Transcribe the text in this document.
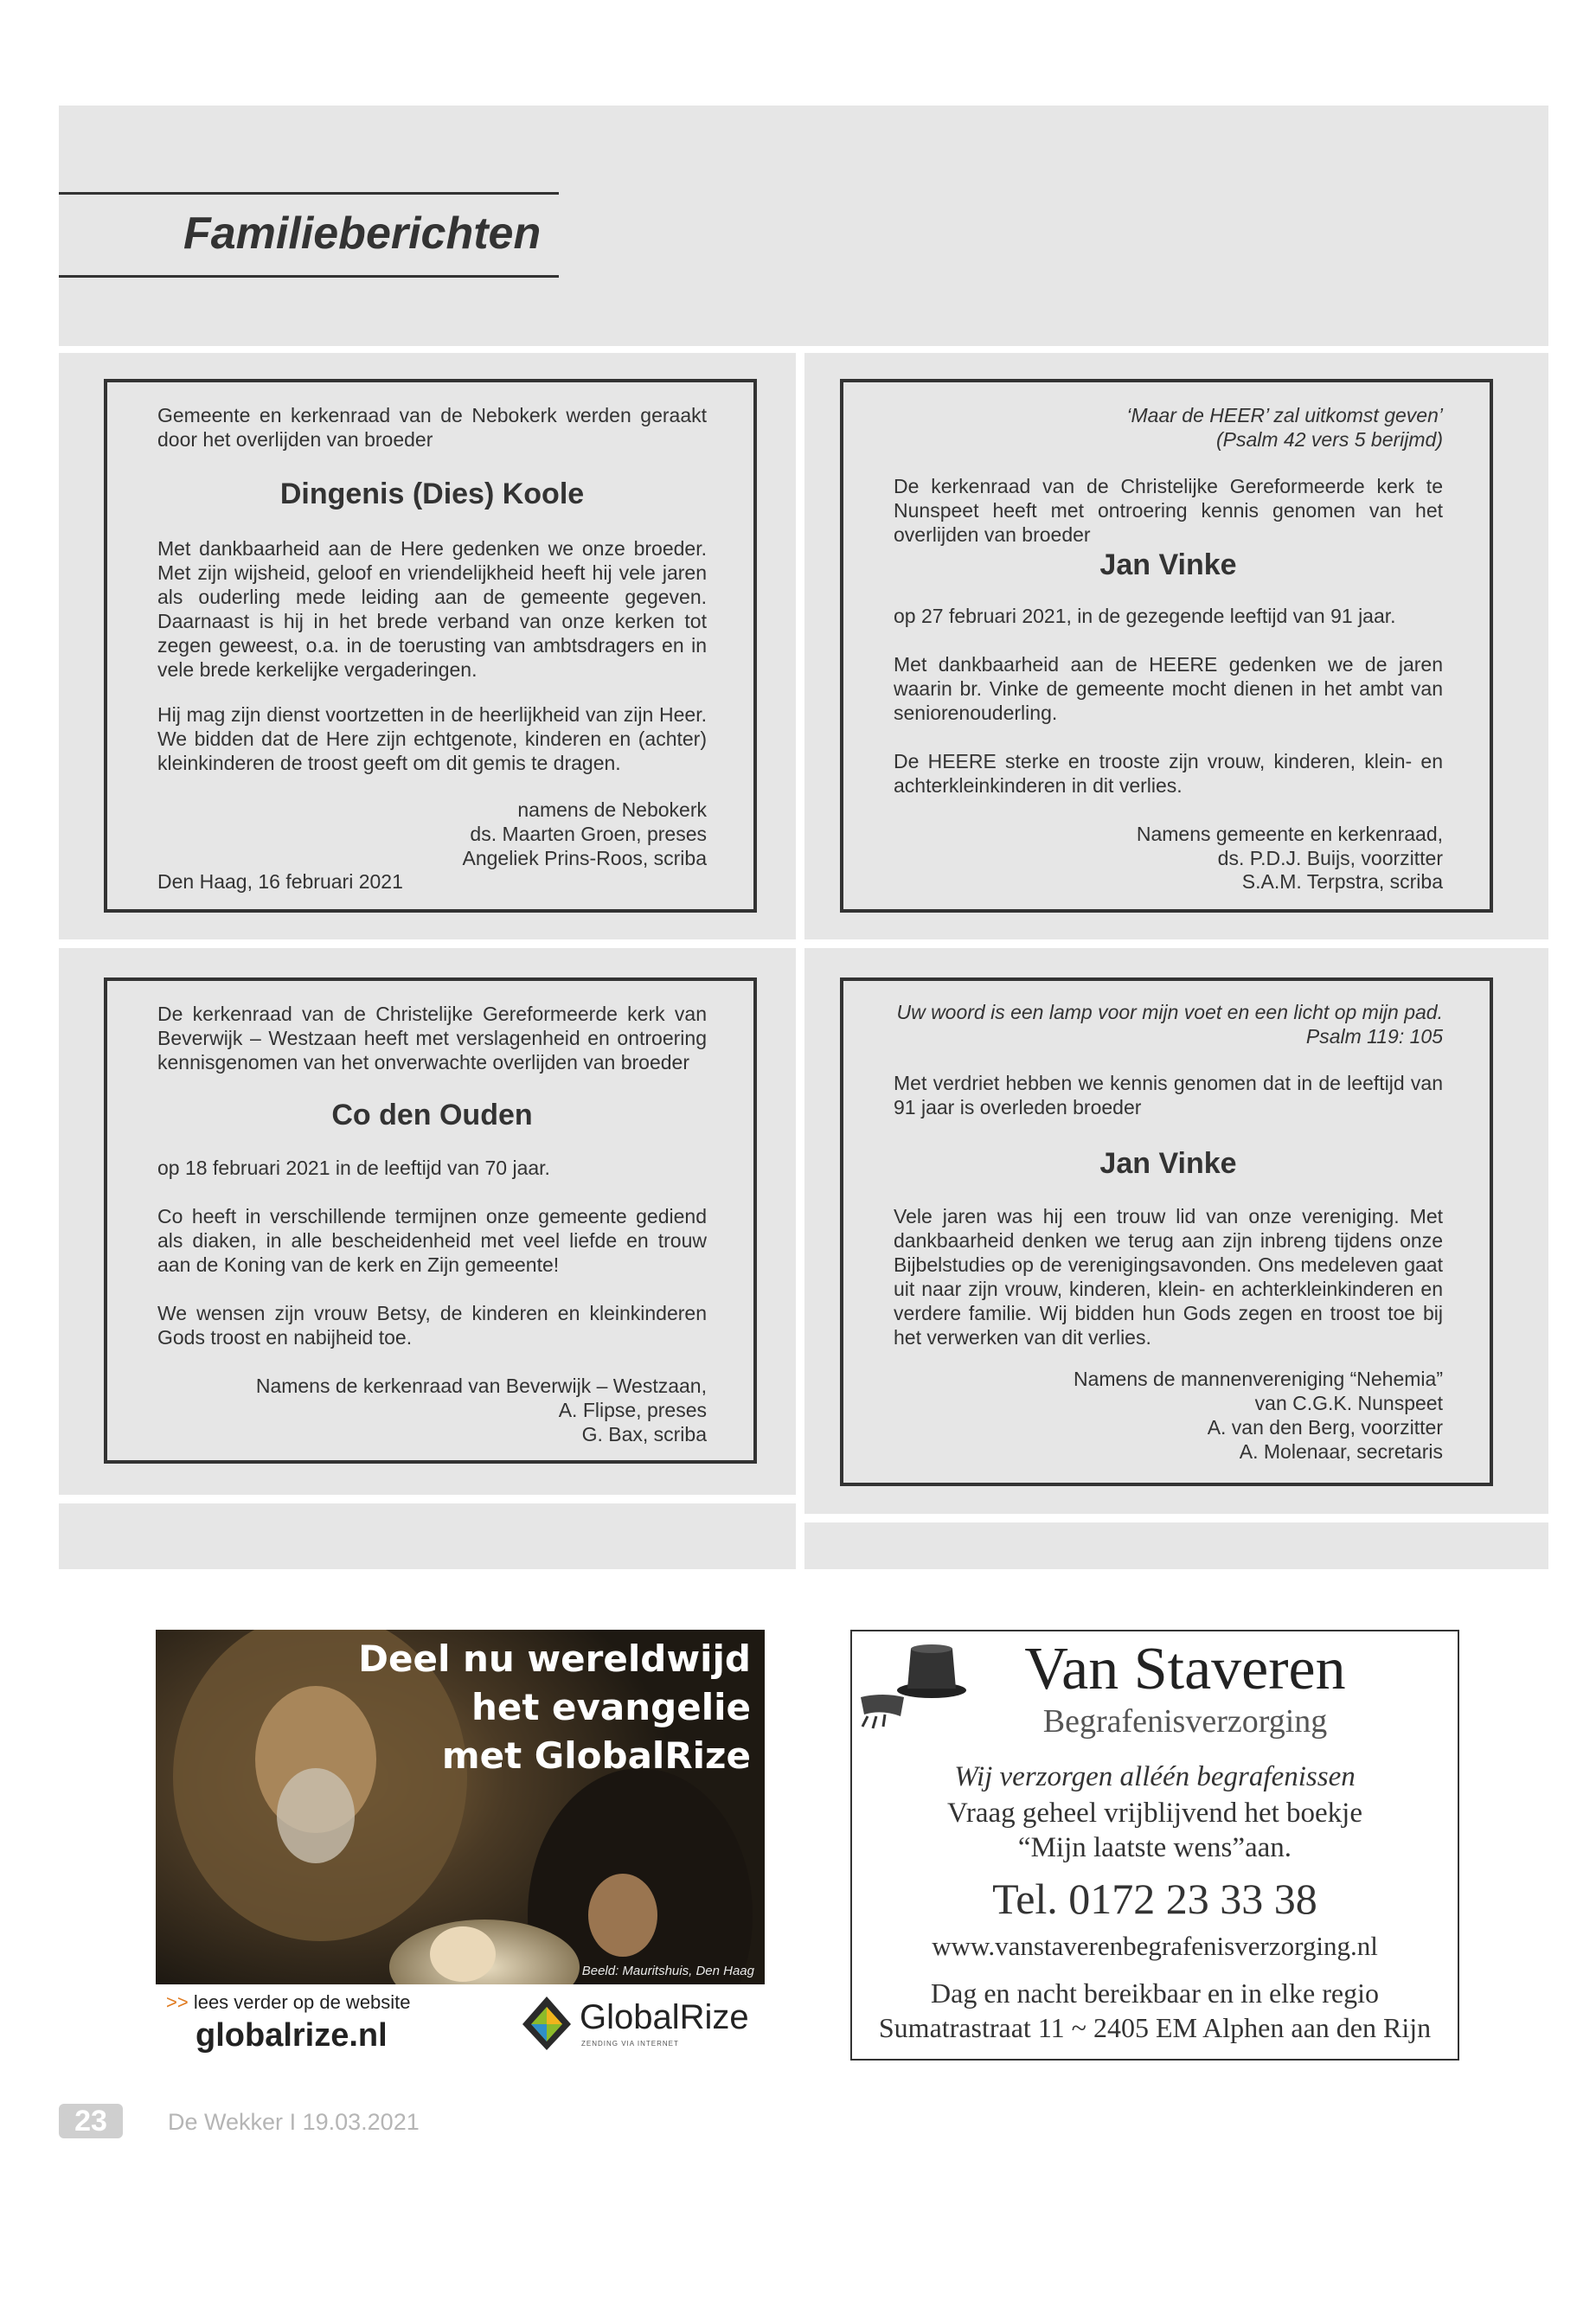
Familieberichten
Gemeente en kerkenraad van de Nebokerk werden geraakt door het overlijden van broeder
Dingenis (Dies) Koole
Met dankbaarheid aan de Here gedenken we onze broeder. Met zijn wijsheid, geloof en vriendelijkheid heeft hij vele jaren als ouderling mede leiding aan de gemeente gegeven. Daarnaast is hij in het brede verband van onze kerken tot zegen geweest, o.a. in de toerusting van ambtsdragers en in vele brede kerkelijke vergaderingen.
Hij mag zijn dienst voortzetten in de heerlijkheid van zijn Heer. We bidden dat de Here zijn echtgenote, kinderen en (achter) kleinkinderen de troost geeft om dit gemis te dragen.
namens de Nebokerk
ds. Maarten Groen, preses
Angeliek Prins-Roos, scriba
Den Haag, 16 februari 2021
‘Maar de HEER’ zal uitkomst geven’
(Psalm 42 vers 5 berijmd)
De kerkenraad van de Christelijke Gereformeerde kerk te Nunspeet heeft met ontroering kennis genomen van het overlijden van broeder
Jan Vinke
op 27 februari 2021, in de gezegende leeftijd van 91 jaar.
Met dankbaarheid aan de HEERE gedenken we de jaren waarin br. Vinke de gemeente mocht dienen in het ambt van seniorenouderling.
De HEERE sterke en trooste zijn vrouw, kinderen, klein- en achterkleinkinderen in dit verlies.
Namens gemeente en kerkenraad,
ds. P.D.J. Buijs, voorzitter
S.A.M. Terpstra, scriba
De kerkenraad van de Christelijke Gereformeerde kerk van Beverwijk – Westzaan heeft met verslagenheid en ontroering kennisgenomen van het onverwachte overlijden van broeder
Co den Ouden
op 18 februari 2021 in de leeftijd van 70 jaar.
Co heeft in verschillende termijnen onze gemeente gediend als diaken, in alle bescheidenheid met veel liefde en trouw aan de Koning van de kerk en Zijn gemeente!
We wensen zijn vrouw Betsy, de kinderen en kleinkinderen Gods troost en nabijheid toe.
Namens de kerkenraad van Beverwijk – Westzaan,
A. Flipse, preses
G. Bax, scriba
Uw woord is een lamp voor mijn voet en een licht op mijn pad.
Psalm 119: 105
Met verdriet hebben we kennis genomen dat in de leeftijd van 91 jaar is overleden broeder
Jan Vinke
Vele jaren was hij een trouw lid van onze vereniging. Met dankbaarheid denken we terug aan zijn inbreng tijdens onze Bijbelstudies op de verenigingsavonden. Ons medeleven gaat uit naar zijn vrouw, kinderen, klein- en achterkleinkinderen en verdere familie. Wij bidden hun Gods zegen en troost toe bij het verwerken van dit verlies.
Namens de mannenvereniging “Nehemia”
van C.G.K. Nunspeet
A. van den Berg, voorzitter
A. Molenaar, secretaris
Deel nu wereldwijd
het evangelie
met GlobalRize
Beeld: Mauritshuis, Den Haag
>> lees verder op de website
globalrize.nl	GlobalRize
ZENDING VIA INTERNET
Van Staveren
Begrafenisverzorging
Wij verzorgen alléén begrafenissen
Vraag geheel vrijblijvend het boekje
“Mijn laatste wens”aan.
Tel. 0172 23 33 38
www.vanstaverenbegrafenisverzorging.nl
Dag en nacht bereikbaar en in elke regio
Sumatrastraat 11 ~ 2405 EM Alphen aan den Rijn
23	De Wekker I 19.03.2021
